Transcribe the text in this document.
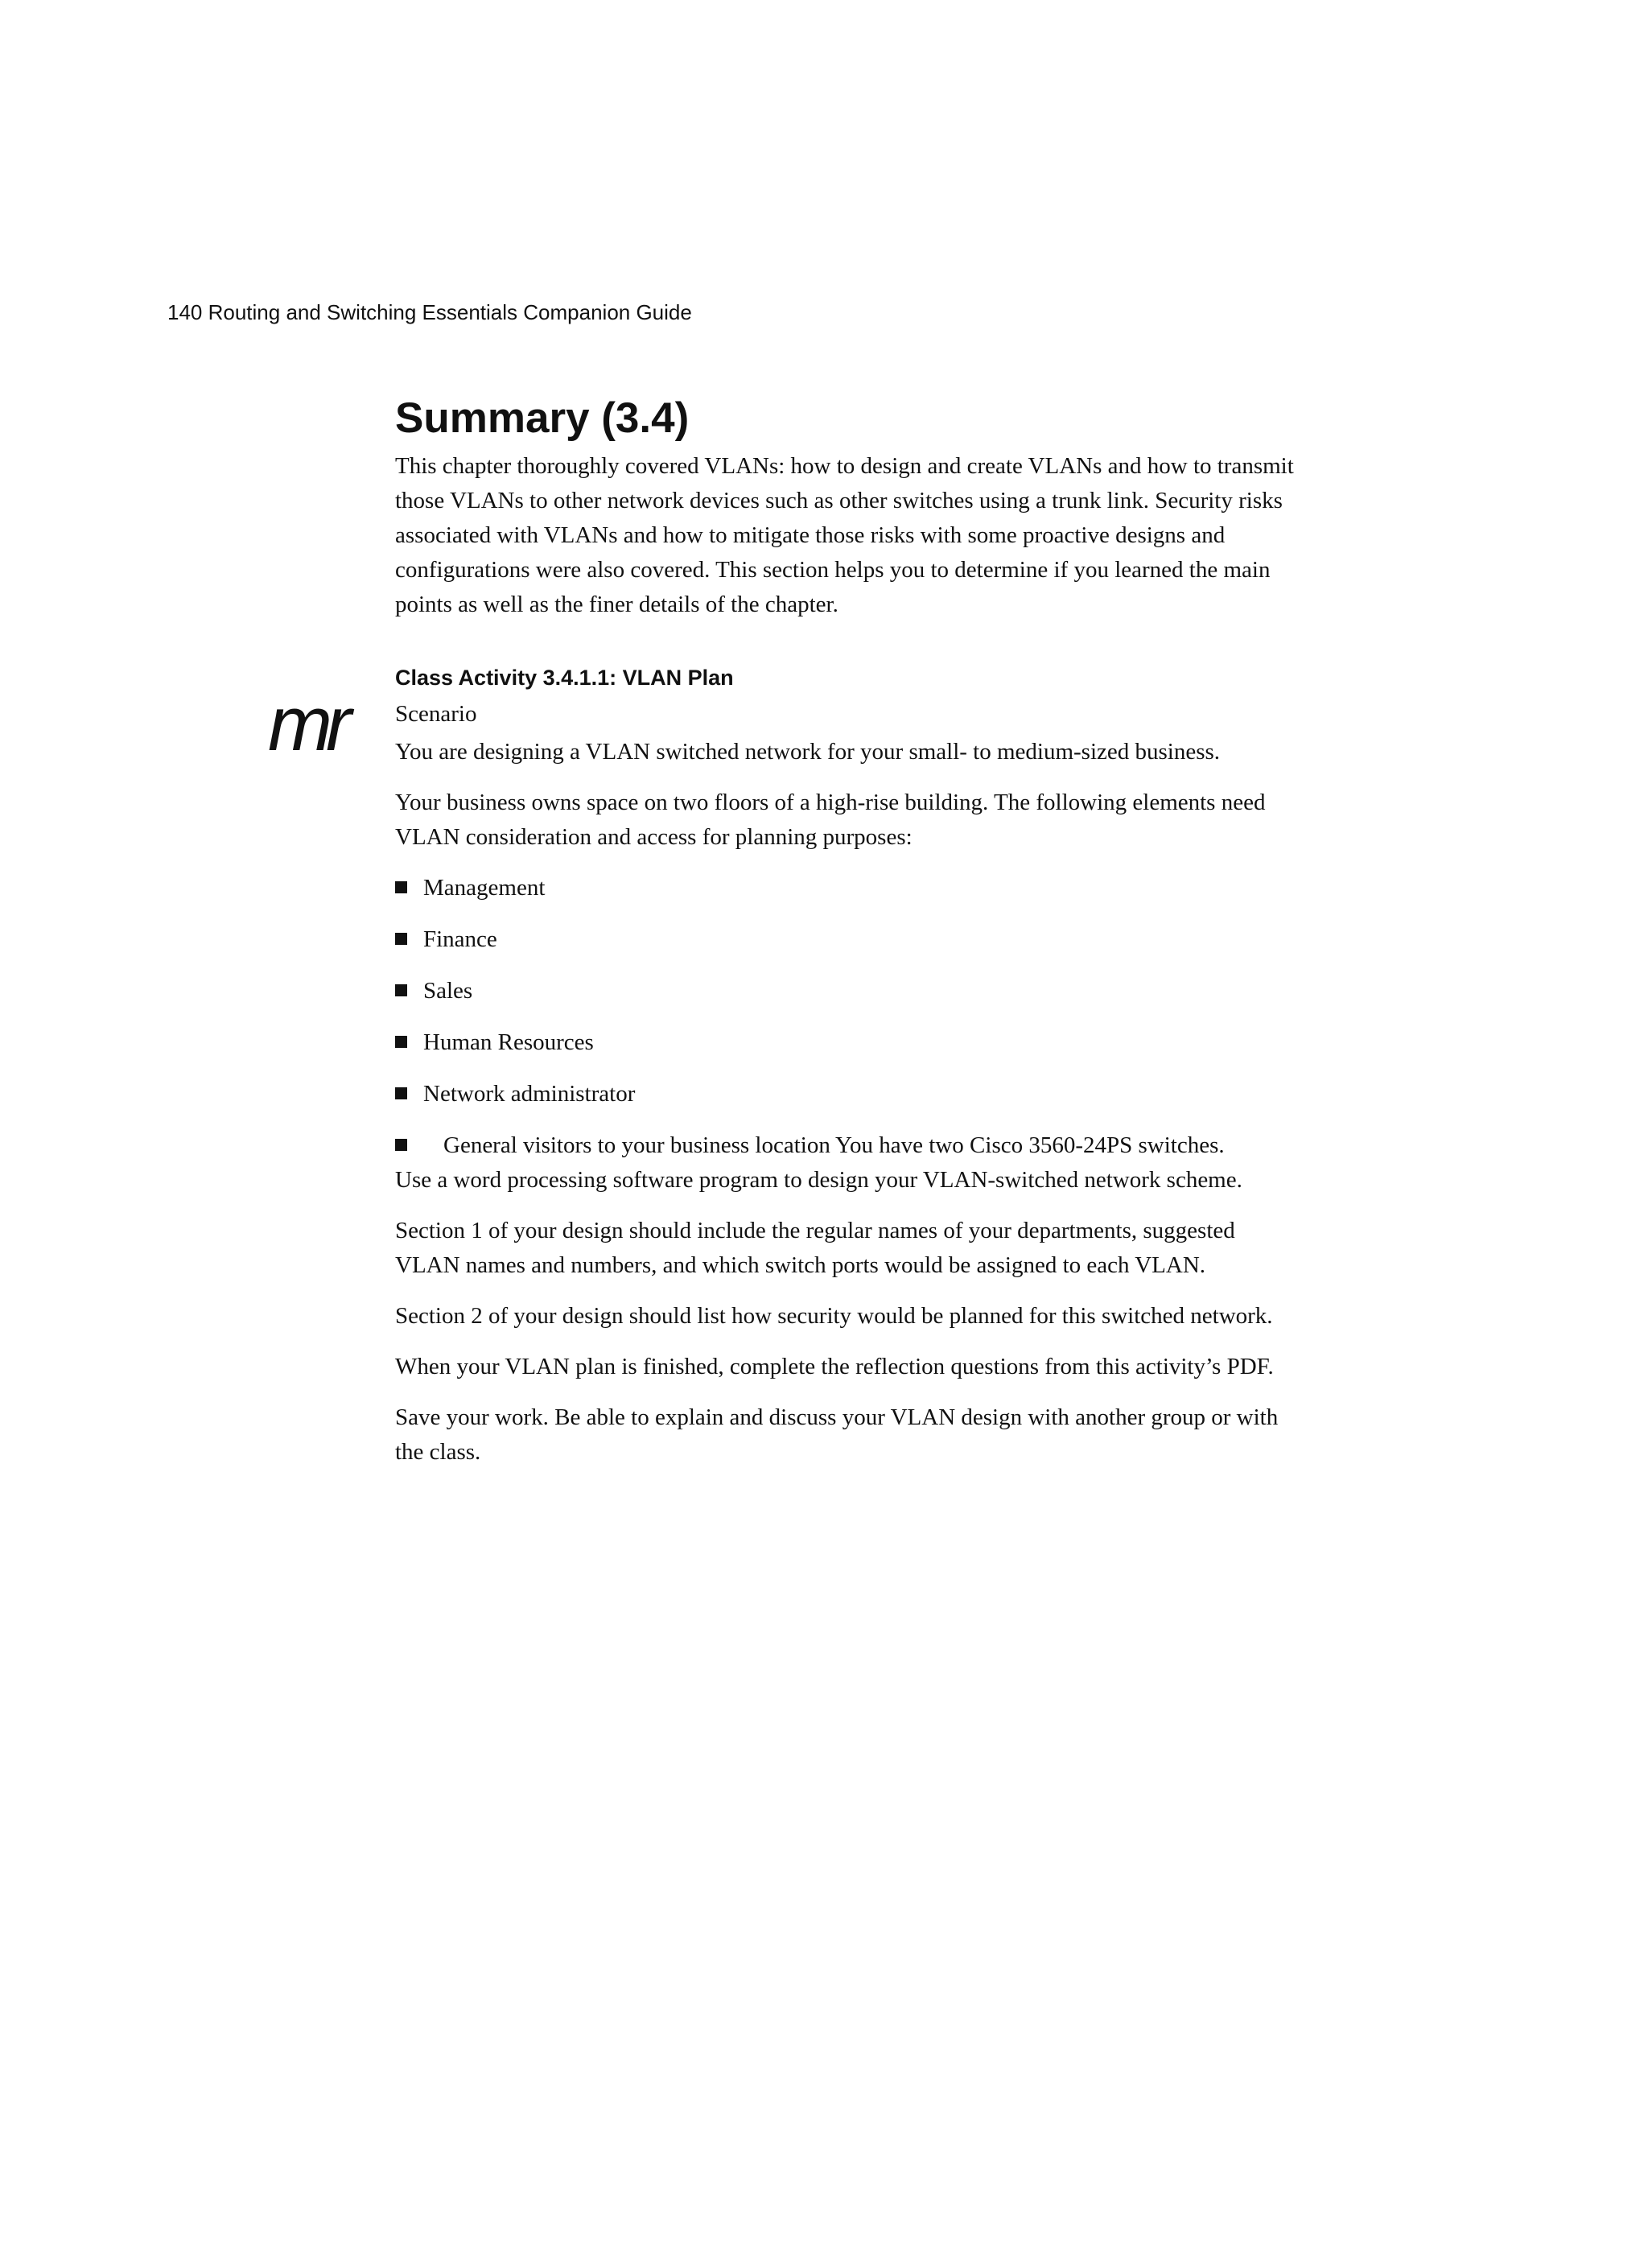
140 Routing and Switching Essentials Companion Guide
mr
Summary (3.4)

This chapter thoroughly covered VLANs: how to design and create VLANs and how to transmit
those VLANs to other network devices such as other switches using a trunk link. Security risks
associated with VLANs and how to mitigate those risks with some proactive designs and
configurations were also covered. This section helps you to determine if you learned the main
points as well as the finer details of the chapter.

Class Activity 3.4.1.1: VLAN Plan

Scenario

You are designing a VLAN switched network for your small- to medium-sized business.

Your business owns space on two floors of a high-rise building. The following elements need
VLAN consideration and access for planning purposes:

Management
Finance
Sales
Human Resources
Network administrator
General visitors to your business location You have two Cisco 3560-24PS switches.

Use a word processing software program to design your VLAN-switched network scheme.

Section 1 of your design should include the regular names of your departments, suggested
VLAN names and numbers, and which switch ports would be assigned to each VLAN.

Section 2 of your design should list how security would be planned for this switched network.

When your VLAN plan is finished, complete the reflection questions from this activity’s PDF.

Save your work. Be able to explain and discuss your VLAN design with another group or with
the class.
